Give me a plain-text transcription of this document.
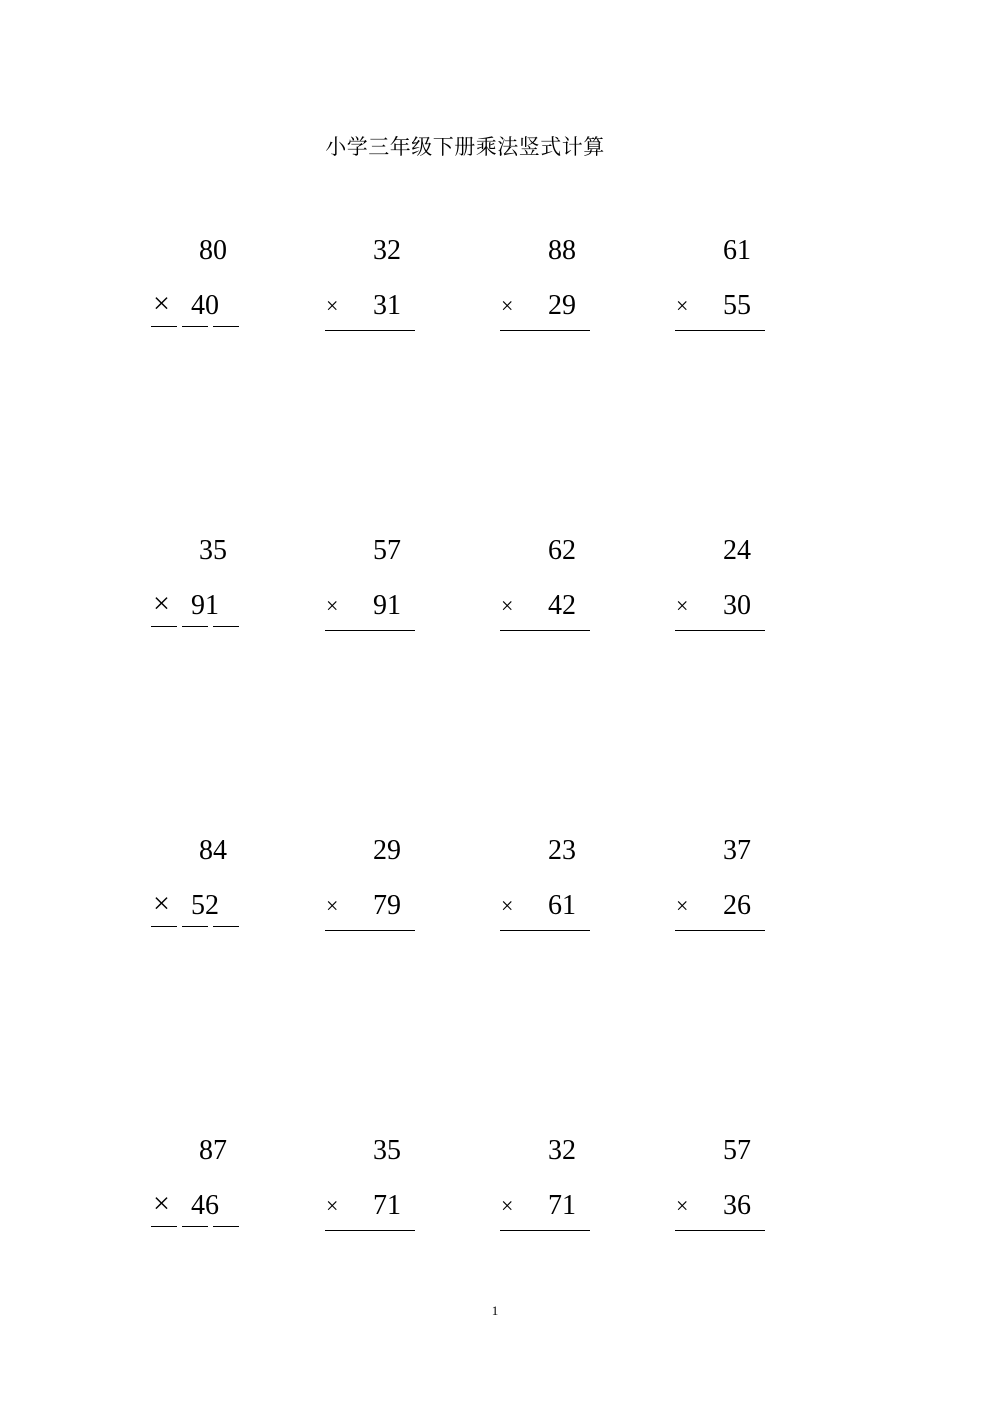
小学三年级下册乘法竖式计算
80
× 40
32
× 31
88
× 29
61
× 55
35
× 91
57
× 91
62
× 42
24
× 30
84
× 52
29
× 79
23
× 61
37
× 26
87
× 46
35
× 71
32
× 71
57
× 36
1
